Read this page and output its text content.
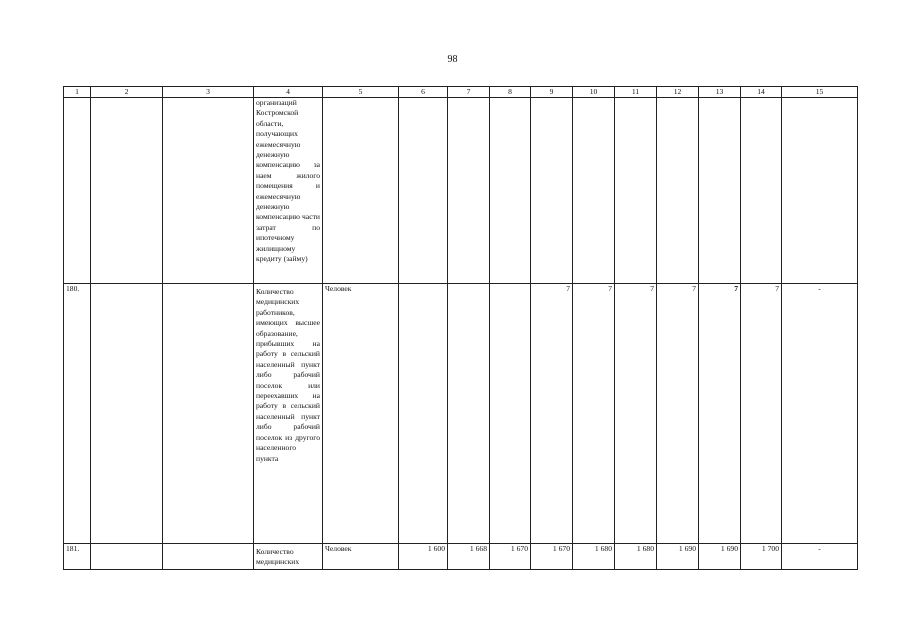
98
1	2	3	4	5	6	7	8	9	10	11	12	13	14	15
			организаций Костромской области, получающих ежемесячную денежную компенсацию за наем жилого помещения и ежемесячную денежную компенсацию части затрат по ипотечному жилищному кредиту (займу)											
180.			Количество медицинских работников, имеющих высшее образование, прибывших на работу в сельский населенный пункт либо рабочий поселок или переехавших на работу в сельский населенный пункт либо рабочий поселок из другого населенного пункта	Человек				7	7	7	7	7	7	-
181.			Количество медицинских	Человек	1 600	1 668	1 670	1 670	1 680	1 680	1 690	1 690	1 700	-
